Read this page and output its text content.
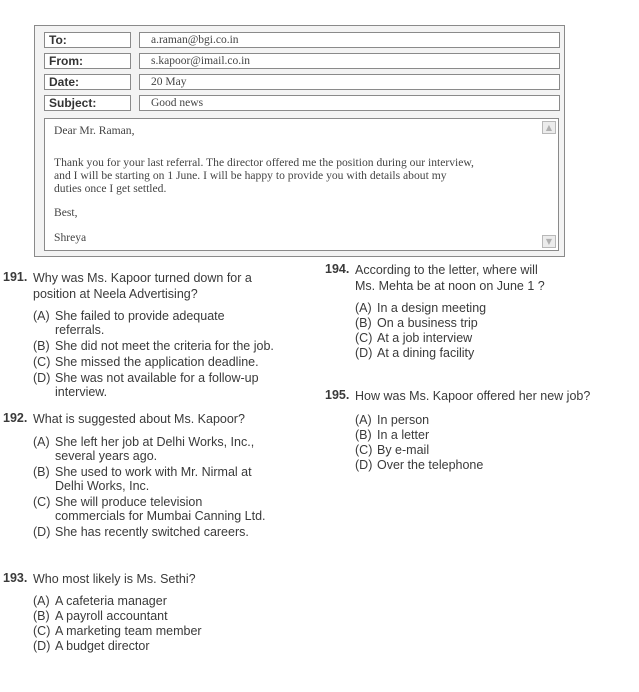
To:	a.raman@bgi.co.in
From:	s.kapoor@imail.co.in
Date:	20 May
Subject:	Good news

Dear Mr. Raman,

Thank you for your last referral. The director offered me the position during our interview,

and I will be starting on 1 June. I will be happy to provide you with details about my

duties once I get settled.

Best,

Shreya

▲
▼
191. Why was Ms. Kapoor turned down for a

position at Neela Advertising?

(A) She failed to provide adequate
referrals.
(B) She did not meet the criteria for the job.
(C) She missed the application deadline.
(D) She was not available for a follow-up
interview.
192. What is suggested about Ms. Kapoor?

(A) She left her job at Delhi Works, Inc.,
several years ago.
(B) She used to work with Mr. Nirmal at
Delhi Works, Inc.
(C) She will produce television
commercials for Mumbai Canning Ltd.
(D) She has recently switched careers.
193. Who most likely is Ms. Sethi?

(A) A cafeteria manager
(B) A payroll accountant
(C) A marketing team member
(D) A budget director
194. According to the letter, where will

Ms. Mehta be at noon on June 1 ?

(A) In a design meeting
(B) On a business trip
(C) At a job interview
(D) At a dining facility
195. How was Ms. Kapoor offered her new job?

(A) In person
(B) In a letter
(C) By e-mail
(D) Over the telephone
